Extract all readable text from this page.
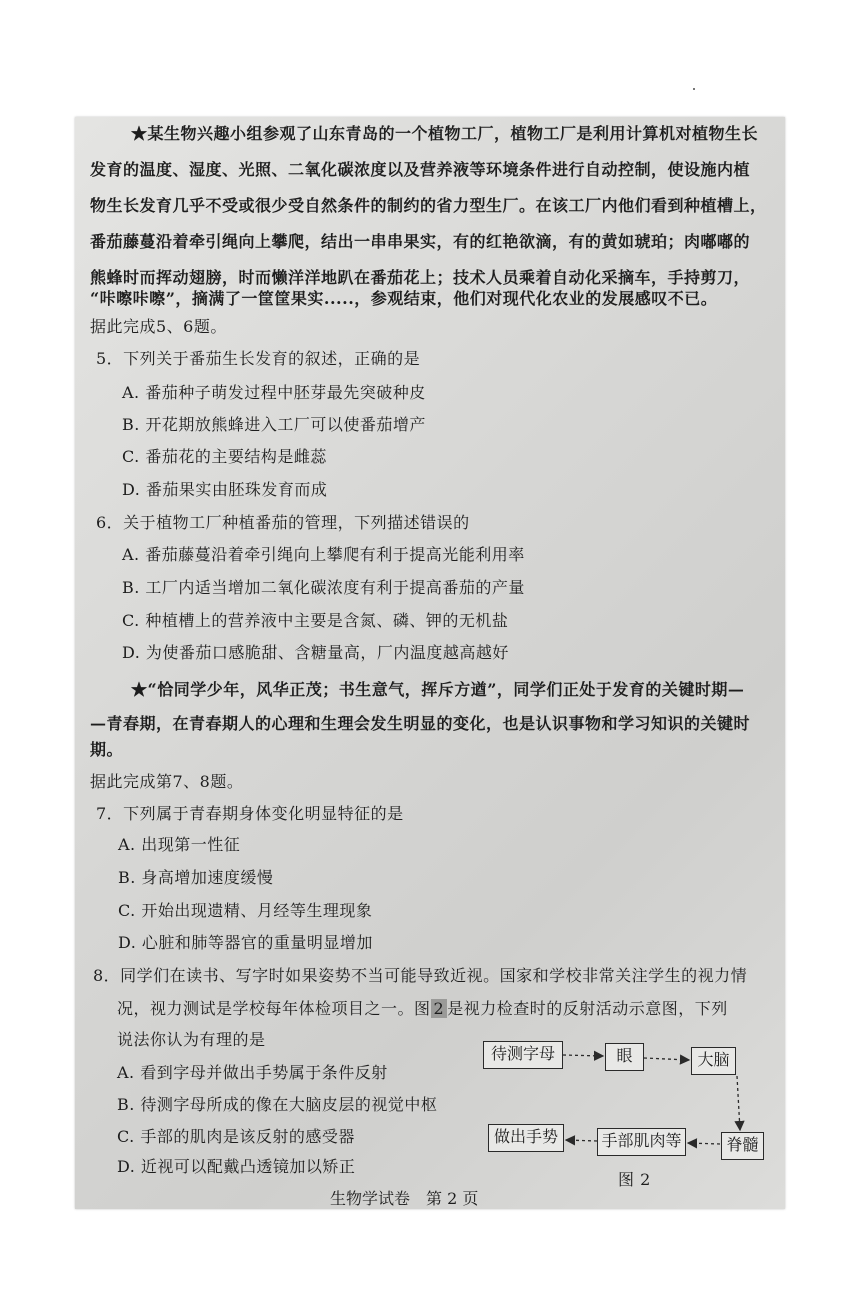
★某生物兴趣小组参观了山东青岛的一个植物工厂，植物工厂是利用计算机对植物生长
发育的温度、湿度、光照、二氧化碳浓度以及营养液等环境条件进行自动控制，使设施内植
物生长发育几乎不受或很少受自然条件的制约的省力型生厂。在该工厂内他们看到种植槽上，
番茄藤蔓沿着牵引绳向上攀爬，结出一串串果实，有的红艳欲滴，有的黄如琥珀；肉嘟嘟的
熊蜂时而挥动翅膀，时而懒洋洋地趴在番茄花上；技术人员乘着自动化采摘车，手持剪刀，
“咔嚓咔嚓”，摘满了一筐筐果实.....，参观结束，他们对现代化农业的发展感叹不已。
据此完成5、6题。
5．下列关于番茄生长发育的叙述，正确的是
A. 番茄种子萌发过程中胚芽最先突破种皮
B. 开花期放熊蜂进入工厂可以使番茄增产
C. 番茄花的主要结构是雌蕊
D. 番茄果实由胚珠发育而成
6．关于植物工厂种植番茄的管理，下列描述错误的
A. 番茄藤蔓沿着牵引绳向上攀爬有利于提高光能利用率
B. 工厂内适当增加二氧化碳浓度有利于提高番茄的产量
C. 种植槽上的营养液中主要是含氮、磷、钾的无机盐
D. 为使番茄口感脆甜、含糖量高，厂内温度越高越好
★“恰同学少年，风华正茂；书生意气，挥斥方遒”，同学们正处于发育的关键时期—
—青春期，在青春期人的心理和生理会发生明显的变化，也是认识事物和学习知识的关键时
期。
据此完成第7、8题。
7．下列属于青春期身体变化明显特征的是
A. 出现第一性征
B. 身高增加速度缓慢
C. 开始出现遗精、月经等生理现象
D. 心脏和肺等器官的重量明显增加
8．同学们在读书、写字时如果姿势不当可能导致近视。国家和学校非常关注学生的视力情
况，视力测试是学校每年体检项目之一。图 2 是视力检查时的反射活动示意图，下列
说法你认为有理的是
A. 看到字母并做出手势属于条件反射
B. 待测字母所成的像在大脑皮层的视觉中枢
C. 手部的肌肉是该反射的感受器
D. 近视可以配戴凸透镜加以矫正
待测字母	眼	大脑
脊髓
手部肌肉等
做出手势
图 2
生物学试卷　第 2 页
